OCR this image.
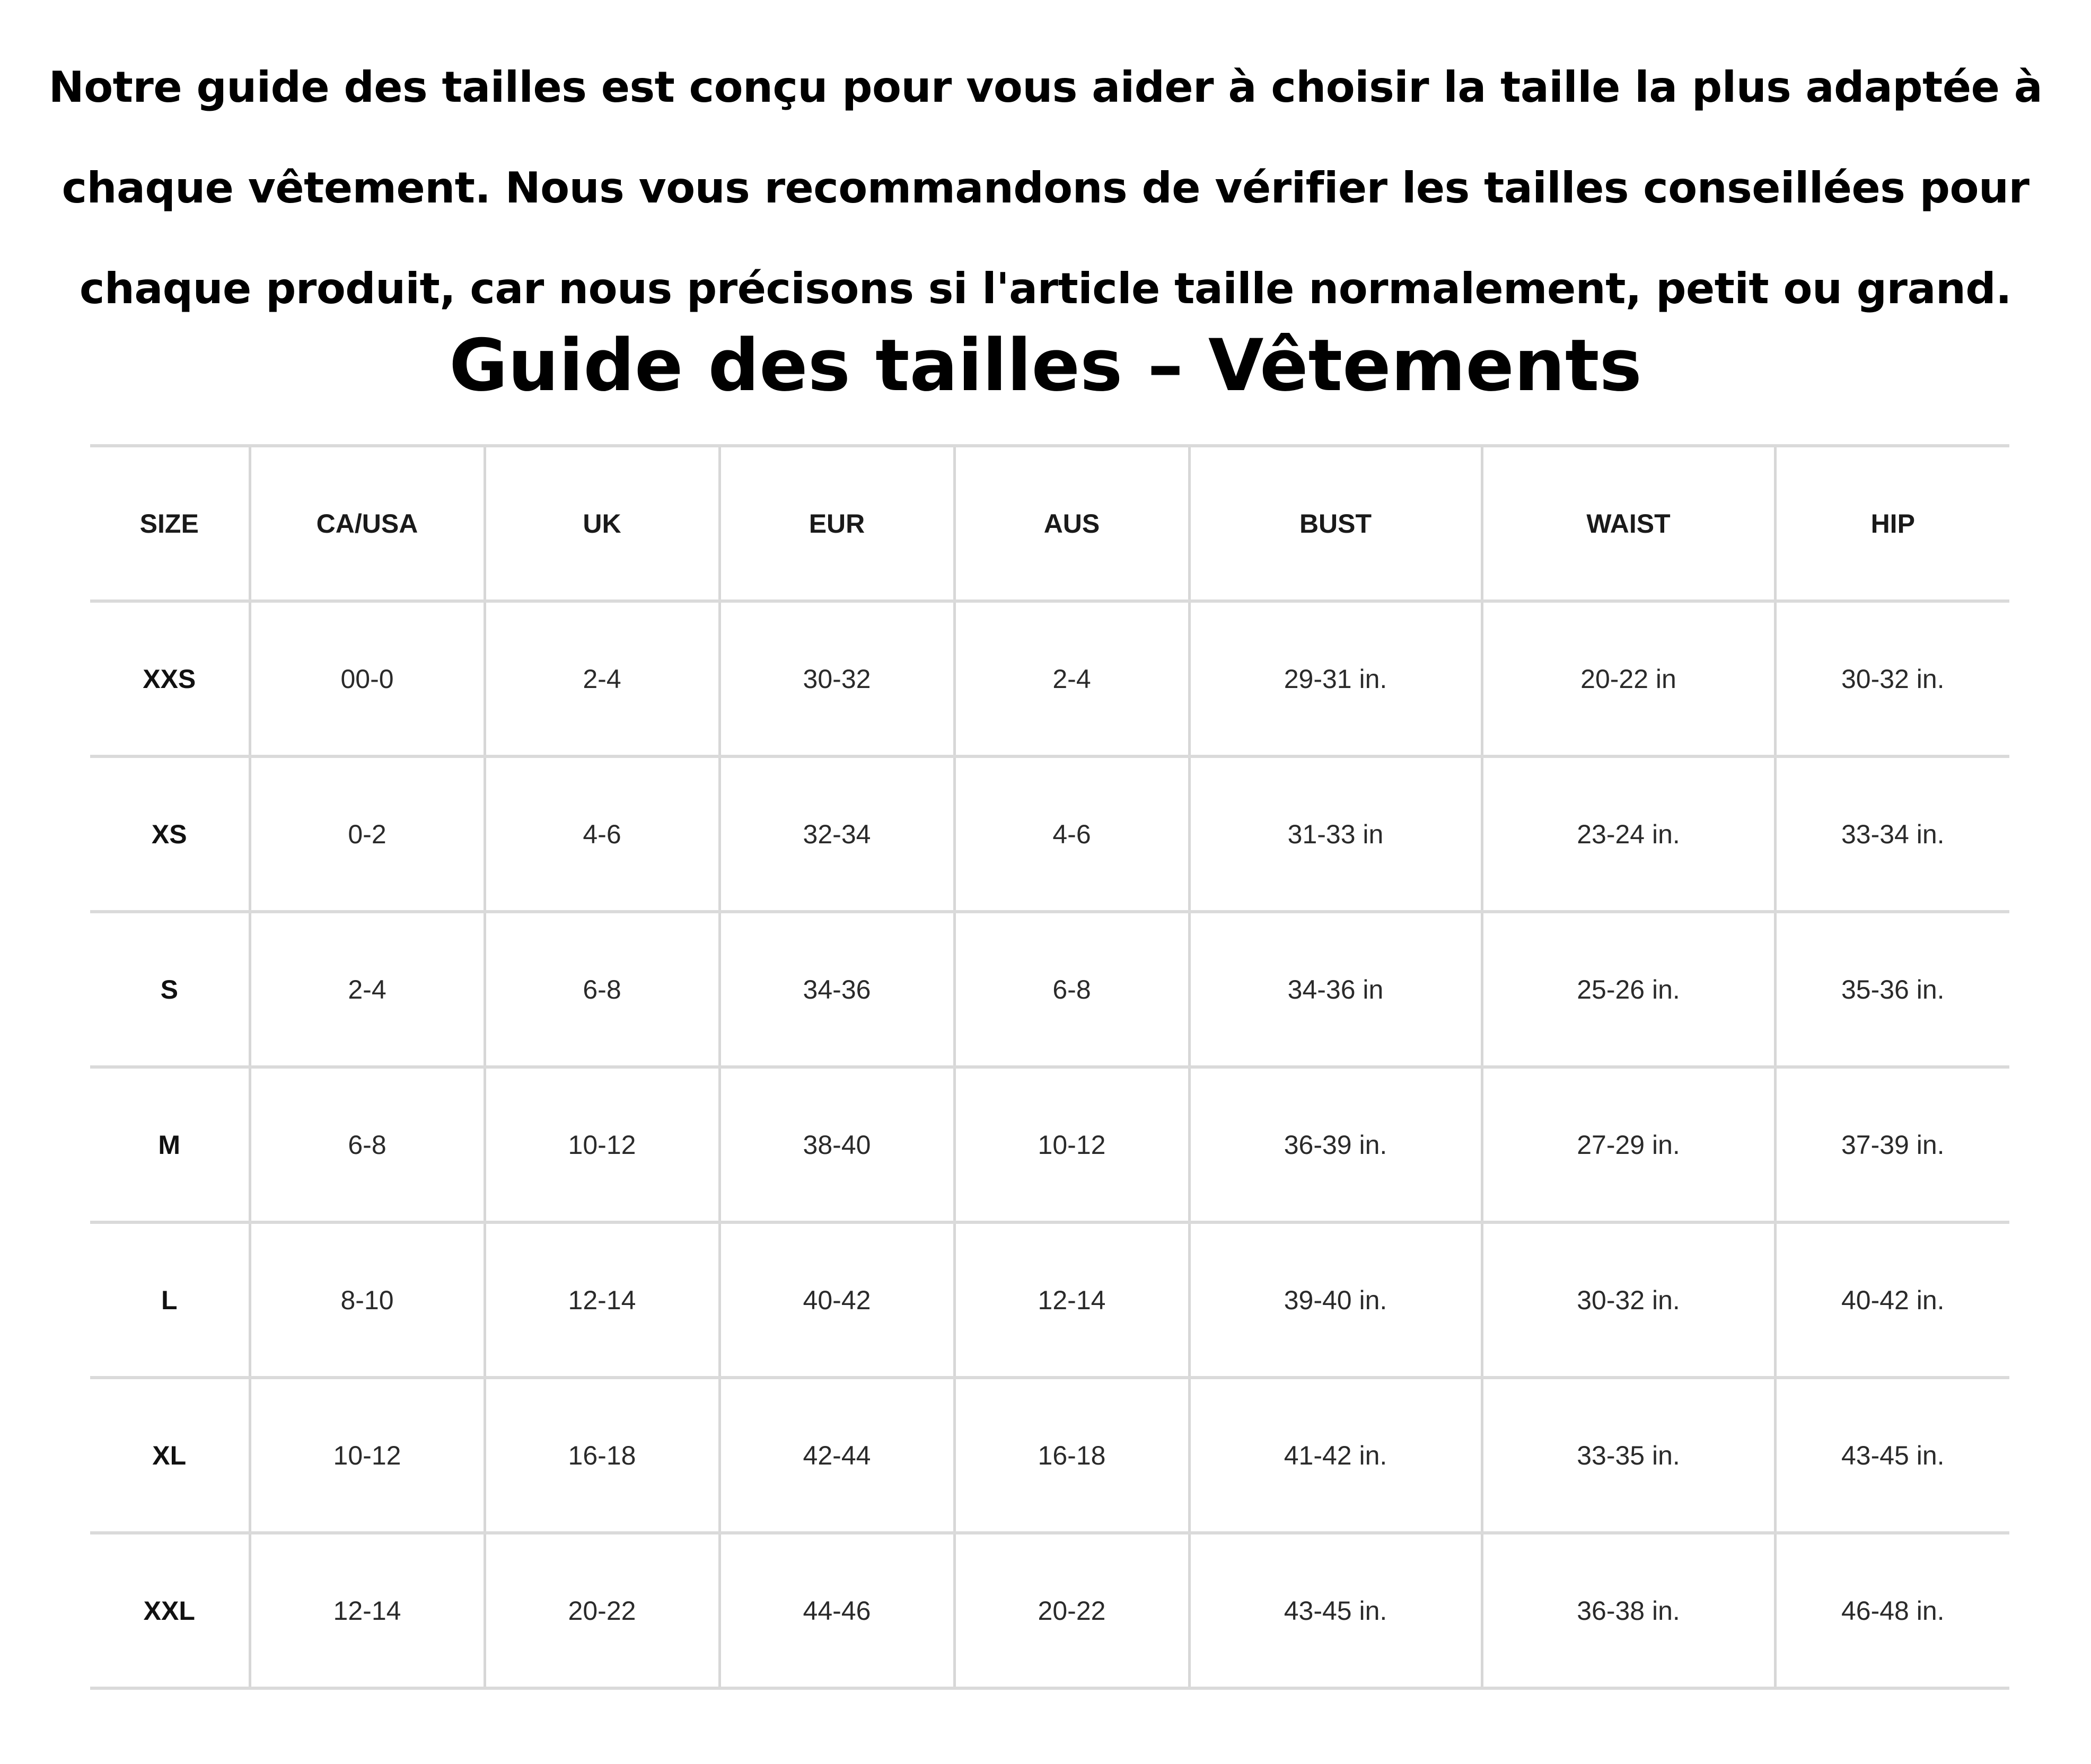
Notre guide des tailles est conçu pour vous aider à choisir la taille la plus adaptée à
chaque vêtement. Nous vous recommandons de vérifier les tailles conseillées pour
chaque produit, car nous précisons si l'article taille normalement, petit ou grand.

Guide des tailles – Vêtements
SIZE	CA/USA	UK	EUR	AUS	BUST	WAIST	HIP
XXS	00-0	2-4	30-32	2-4	29-31 in.	20-22 in	30-32 in.
XS	0-2	4-6	32-34	4-6	31-33 in	23-24 in.	33-34 in.
S	2-4	6-8	34-36	6-8	34-36 in	25-26 in.	35-36 in.
M	6-8	10-12	38-40	10-12	36-39 in.	27-29 in.	37-39 in.
L	8-10	12-14	40-42	12-14	39-40 in.	30-32 in.	40-42 in.
XL	10-12	16-18	42-44	16-18	41-42 in.	33-35 in.	43-45 in.
XXL	12-14	20-22	44-46	20-22	43-45 in.	36-38 in.	46-48 in.
